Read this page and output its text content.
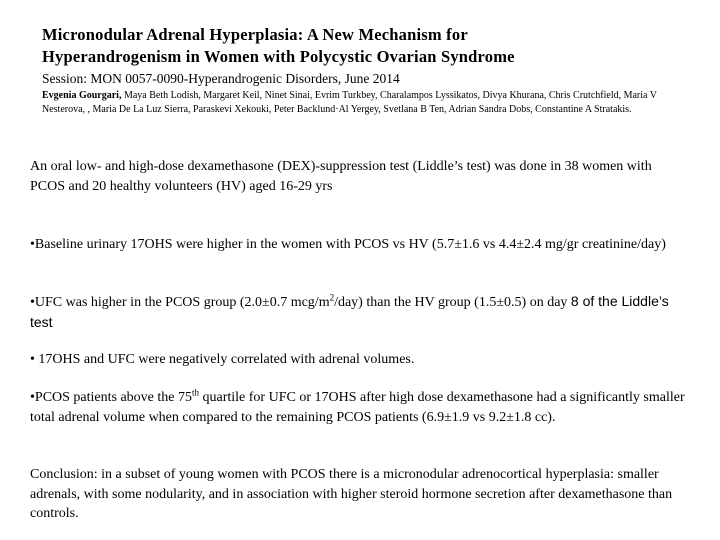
Micronodular Adrenal Hyperplasia: A New Mechanism for
Hyperandrogenism in Women with Polycystic Ovarian Syndrome
Session: MON 0057-0090-Hyperandrogenic Disorders, June 2014
Evgenia Gourgari, Maya Beth Lodish, Margaret Keil, Ninet Sinai, Evrim Turkbey, Charalampos Lyssikatos, Divya Khurana, Chris Crutchfield, Maria V Nesterova, , Maria De La Luz Sierra, Paraskevi Xekouki, Peter Backlund·Al Yergey, Svetlana B Ten, Adrian Sandra Dobs, Constantine A Stratakis.
An oral low- and high-dose dexamethasone (DEX)-suppression test (Liddle’s test) was done in 38 women with PCOS and 20 healthy volunteers (HV) aged 16-29 yrs
•Baseline urinary 17OHS were higher in the women with PCOS vs HV (5.7±1.6 vs 4.4±2.4 mg/gr creatinine/day)
•UFC was higher in the PCOS group (2.0±0.7 mcg/$m^2/day$) than the HV group (1.5±0.5) on day 8 of the Liddle’s test
• 17OHS and UFC were negatively correlated with adrenal volumes.
•PCOS patients above the 75th quartile for UFC or 17OHS after high dose dexamethasone had a significantly smaller total adrenal volume when compared to the remaining PCOS patients (6.9±1.9 vs 9.2±1.8 cc).
Conclusion: in a subset of young women with PCOS there is a micronodular adrenocortical hyperplasia: smaller adrenals, with some nodularity, and in association with higher steroid hormone secretion after dexamethasone than controls.
